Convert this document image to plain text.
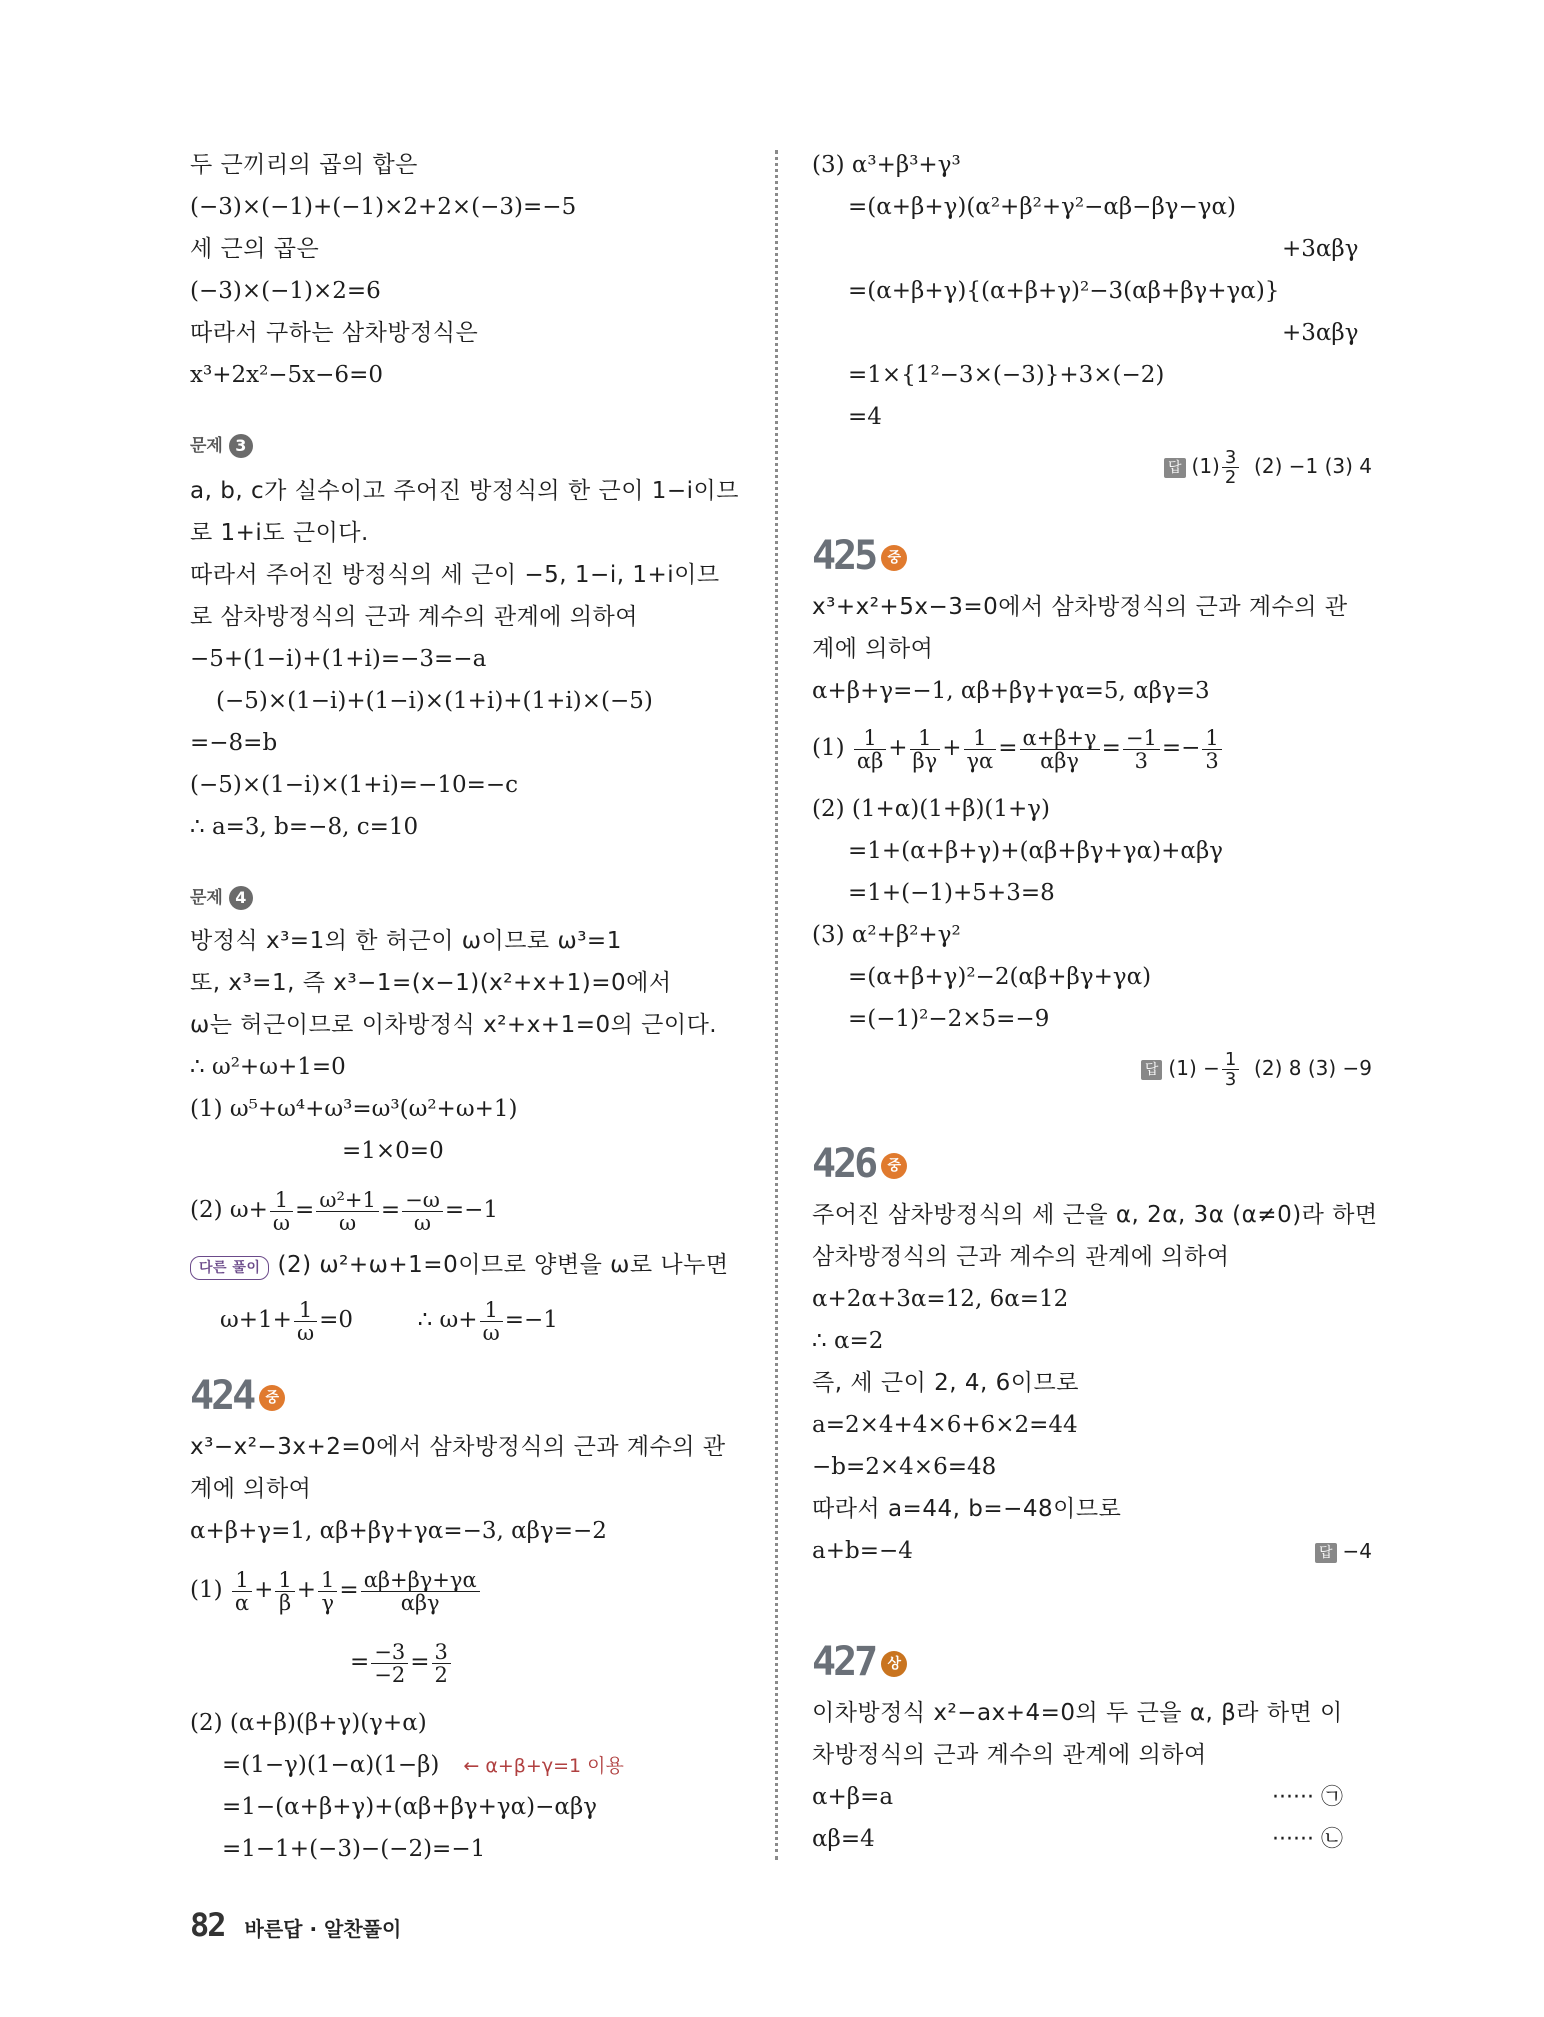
두 근끼리의 곱의 합은
(−3)×(−1)+(−1)×2+2×(−3)=−5
세 근의 곱은
(−3)×(−1)×2=6
따라서 구하는 삼차방정식은
x³+2x²−5x−6=0
문제 3
a, b, c가 실수이고 주어진 방정식의 한 근이 1−i이므
로 1+i도 근이다.
따라서 주어진 방정식의 세 근이 −5, 1−i, 1+i이므
로 삼차방정식의 근과 계수의 관계에 의하여
−5+(1−i)+(1+i)=−3=−a
(−5)×(1−i)+(1−i)×(1+i)+(1+i)×(−5)
=−8=b
(−5)×(1−i)×(1+i)=−10=−c
∴ a=3, b=−8, c=10
문제 4
방정식 x³=1의 한 허근이 ω이므로 ω³=1
또, x³=1, 즉 x³−1=(x−1)(x²+x+1)=0에서
ω는 허근이므로 이차방정식 x²+x+1=0의 근이다.
∴ ω²+ω+1=0
(1) ω⁵+ω⁴+ω³=ω³(ω²+ω+1)
=1×0=0
(2) $\omega+ \frac{1}{\omega} = \frac{\text{ω²+1}}{\omega} = \frac{-\omega}{\omega} =-1$
다른 풀이 (2) ω²+ω+1=0이므로 양변을 ω로 나누면
$\omega+1+ \frac{1}{\omega} =0$	∴ $\omega+ \frac{1}{\omega} =-1$
424 중
x³−x²−3x+2=0에서 삼차방정식의 근과 계수의 관
계에 의하여
α+β+γ=1, αβ+βγ+γα=−3, αβγ=−2
$(1) \frac{1}{\alpha} + \frac{1}{\beta} + \frac{1}{\gamma} = \frac{\alpha\beta+\beta\gamma+\gamma\alpha}{\text{αβγ}}$
= $\frac{-3}{-2} = \frac{3}{2}$
(2) (α+β)(β+γ)(γ+α)
=(1−γ)(1−α)(1−β) ← α+β+γ=1 이용
=1−(α+β+γ)+(αβ+βγ+γα)−αβγ
=1−1+(−3)−(−2)=−1
(3) α³+β³+γ³
=(α+β+γ)(α²+β²+γ²−αβ−βγ−γα)
+3αβγ
=(α+β+γ){(α+β+γ)²−3(αβ+βγ+γα)}
+3αβγ
=1×{1²−3×(−3)}+3×(−2)
=4
답 $(1) \frac{3}{2} (2) -1$ (3) 4
425 중
x³+x²+5x−3=0에서 삼차방정식의 근과 계수의 관
계에 의하여
α+β+γ=−1, αβ+βγ+γα=5, αβγ=3
$(1) \frac{1}{\alpha\beta} + \frac{1}{\beta\gamma} + \frac{1}{\gamma\alpha} = \frac{\alpha+\beta+\gamma}{\text{αβγ}} = \frac{-1}{3} =- \frac{1}{3}$
(2) (1+α)(1+β)(1+γ)
=1+(α+β+γ)+(αβ+βγ+γα)+αβγ
=1+(−1)+5+3=8
(3) α²+β²+γ²
=(α+β+γ)²−2(αβ+βγ+γα)
=(−1)²−2×5=−9
답 $(1) - \frac{1}{3} (2)$ 8 (3) −9
426 중
주어진 삼차방정식의 세 근을 α, 2α, 3α (α≠0)라 하면
삼차방정식의 근과 계수의 관계에 의하여
α+2α+3α=12, 6α=12
∴ α=2
즉, 세 근이 2, 4, 6이므로
a=2×4+4×6+6×2=44
−b=2×4×6=48
따라서 a=44, b=−48이므로
a+b=−4	답 −4
427 상
이차방정식 x²−ax+4=0의 두 근을 α, β라 하면 이
차방정식의 근과 계수의 관계에 의하여
α+β=a	······ ㉠
αβ=4	······ ㉡
82 바른답 · 알찬풀이
